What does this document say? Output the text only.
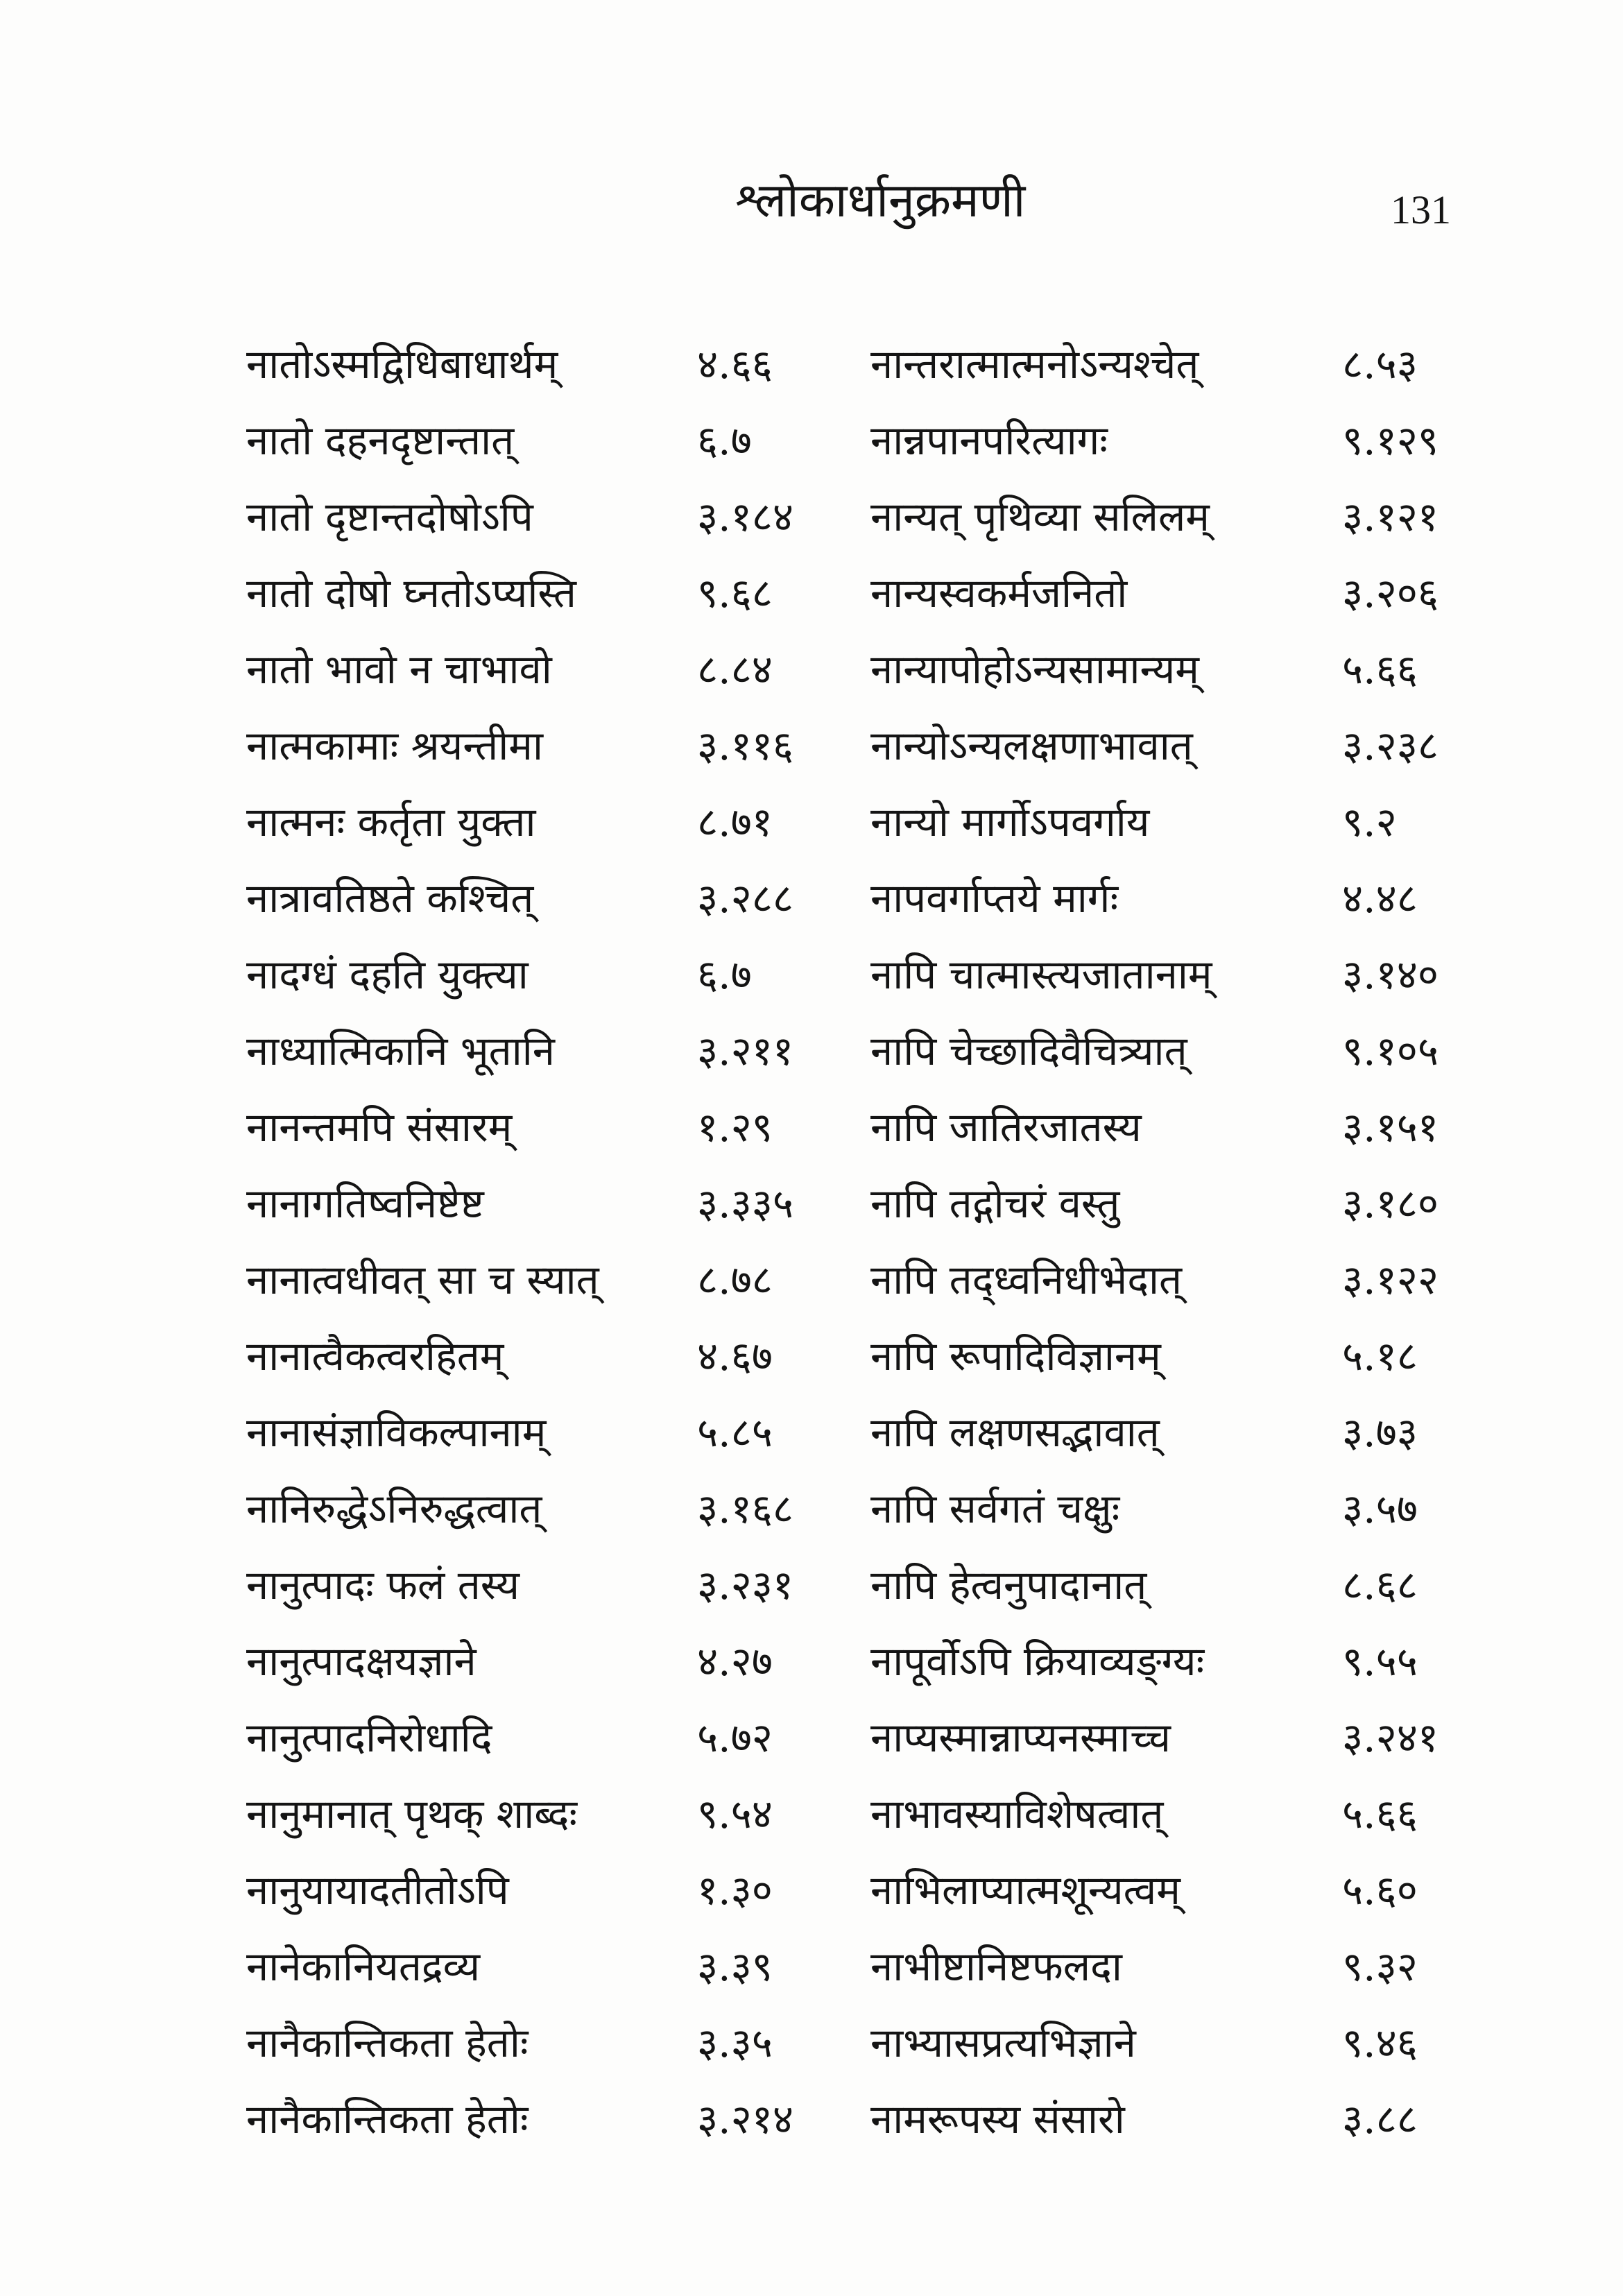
श्लोकार्धानुक्रमणी	131
नातोऽस्मद्विधिबाधार्थम्	४.६६	नान्तरात्मात्मनोऽन्यश्चेत्	८.५३
नातो दहनदृष्टान्तात्	६.७	नान्नपानपरित्यागः	९.१२९
नातो दृष्टान्तदोषोऽपि	३.१८४	नान्यत् पृथिव्या सलिलम्	३.१२१
नातो दोषो घ्नतोऽप्यस्ति	९.६८	नान्यस्वकर्मजनितो	३.२०६
नातो भावो न चाभावो	८.८४	नान्यापोहोऽन्यसामान्यम्	५.६६
नात्मकामाः श्रयन्तीमा	३.११६	नान्योऽन्यलक्षणाभावात्	३.२३८
नात्मनः कर्तृता युक्ता	८.७१	नान्यो मार्गोऽपवर्गाय	९.२
नात्रावतिष्ठते कश्चित्	३.२८८	नापवर्गाप्तये मार्गः	४.४८
नादग्धं दहति युक्त्या	६.७	नापि चात्मास्त्यजातानाम्	३.१४०
नाध्यात्मिकानि भूतानि	३.२११	नापि चेच्छादिवैचित्र्यात्	९.१०५
नानन्तमपि संसारम्	१.२९	नापि जातिरजातस्य	३.१५१
नानागतिष्वनिष्टेष्ट	३.३३५	नापि तद्गोचरं वस्तु	३.१८०
नानात्वधीवत् सा च स्यात्	८.७८	नापि तद्ध्वनिधीभेदात्	३.१२२
नानात्वैकत्वरहितम्	४.६७	नापि रूपादिविज्ञानम्	५.१८
नानासंज्ञाविकल्पानाम्	५.८५	नापि लक्षणसद्भावात्	३.७३
नानिरुद्धेऽनिरुद्धत्वात्	३.१६८	नापि सर्वगतं चक्षुः	३.५७
नानुत्पादः फलं तस्य	३.२३१	नापि हेत्वनुपादानात्	८.६८
नानुत्पादक्षयज्ञाने	४.२७	नापूर्वोऽपि क्रियाव्यङ्ग्यः	९.५५
नानुत्पादनिरोधादि	५.७२	नाप्यस्मान्नाप्यनस्माच्च	३.२४१
नानुमानात् पृथक् शाब्दः	९.५४	नाभावस्याविशेषत्वात्	५.६६
नानुयायादतीतोऽपि	१.३०	नाभिलाप्यात्मशून्यत्वम्	५.६०
नानेकानियतद्रव्य	३.३९	नाभीष्टानिष्टफलदा	९.३२
नानैकान्तिकता हेतोः	३.३५	नाभ्यासप्रत्यभिज्ञाने	९.४६
नानैकान्तिकता हेतोः	३.२१४	नामरूपस्य संसारो	३.८८
